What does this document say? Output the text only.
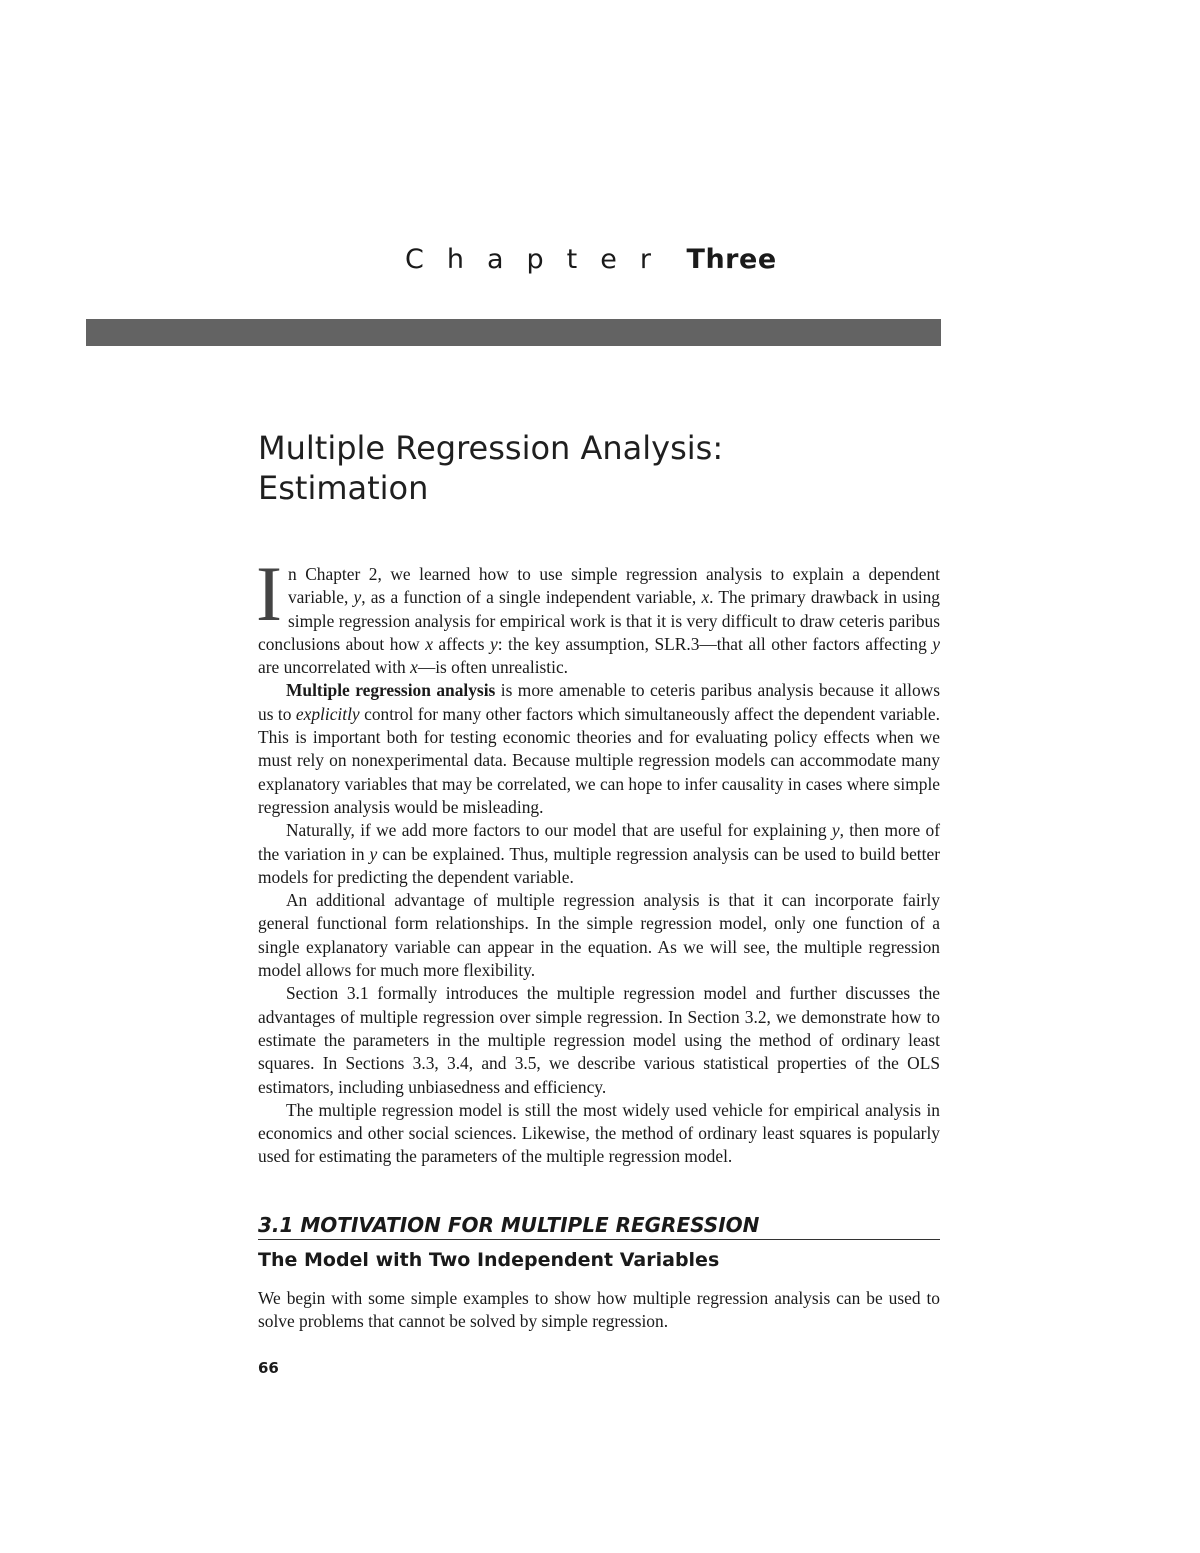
Chapter Three
Multiple Regression Analysis:
Estimation

In Chapter 2, we learned how to use simple regression analysis to explain a dependent variable, y, as a function of a single independent variable, x. The primary drawback in using simple regression analysis for empirical work is that it is very difficult to draw ceteris paribus conclusions about how x affects y: the key assumption, SLR.3—that all other factors affecting y are uncorrelated with x—is often unrealistic.

Multiple regression analysis is more amenable to ceteris paribus analysis because it allows us to explicitly control for many other factors which simultaneously affect the dependent variable. This is important both for testing economic theories and for evaluating policy effects when we must rely on nonexperimental data. Because multiple regression models can accommodate many explanatory variables that may be correlated, we can hope to infer causality in cases where simple regression analysis would be misleading.

Naturally, if we add more factors to our model that are useful for explaining y, then more of the variation in y can be explained. Thus, multiple regression analysis can be used to build better models for predicting the dependent variable.

An additional advantage of multiple regression analysis is that it can incorporate fairly general functional form relationships. In the simple regression model, only one function of a single explanatory variable can appear in the equation. As we will see, the multiple regression model allows for much more flexibility.

Section 3.1 formally introduces the multiple regression model and further discusses the advantages of multiple regression over simple regression. In Section 3.2, we demonstrate how to estimate the parameters in the multiple regression model using the method of ordinary least squares. In Sections 3.3, 3.4, and 3.5, we describe various statistical properties of the OLS estimators, including unbiasedness and efficiency.

The multiple regression model is still the most widely used vehicle for empirical analysis in economics and other social sciences. Likewise, the method of ordinary least squares is popularly used for estimating the parameters of the multiple regression model.

3.1 MOTIVATION FOR MULTIPLE REGRESSION
The Model with Two Independent Variables

We begin with some simple examples to show how multiple regression analysis can be used to solve problems that cannot be solved by simple regression.

66
